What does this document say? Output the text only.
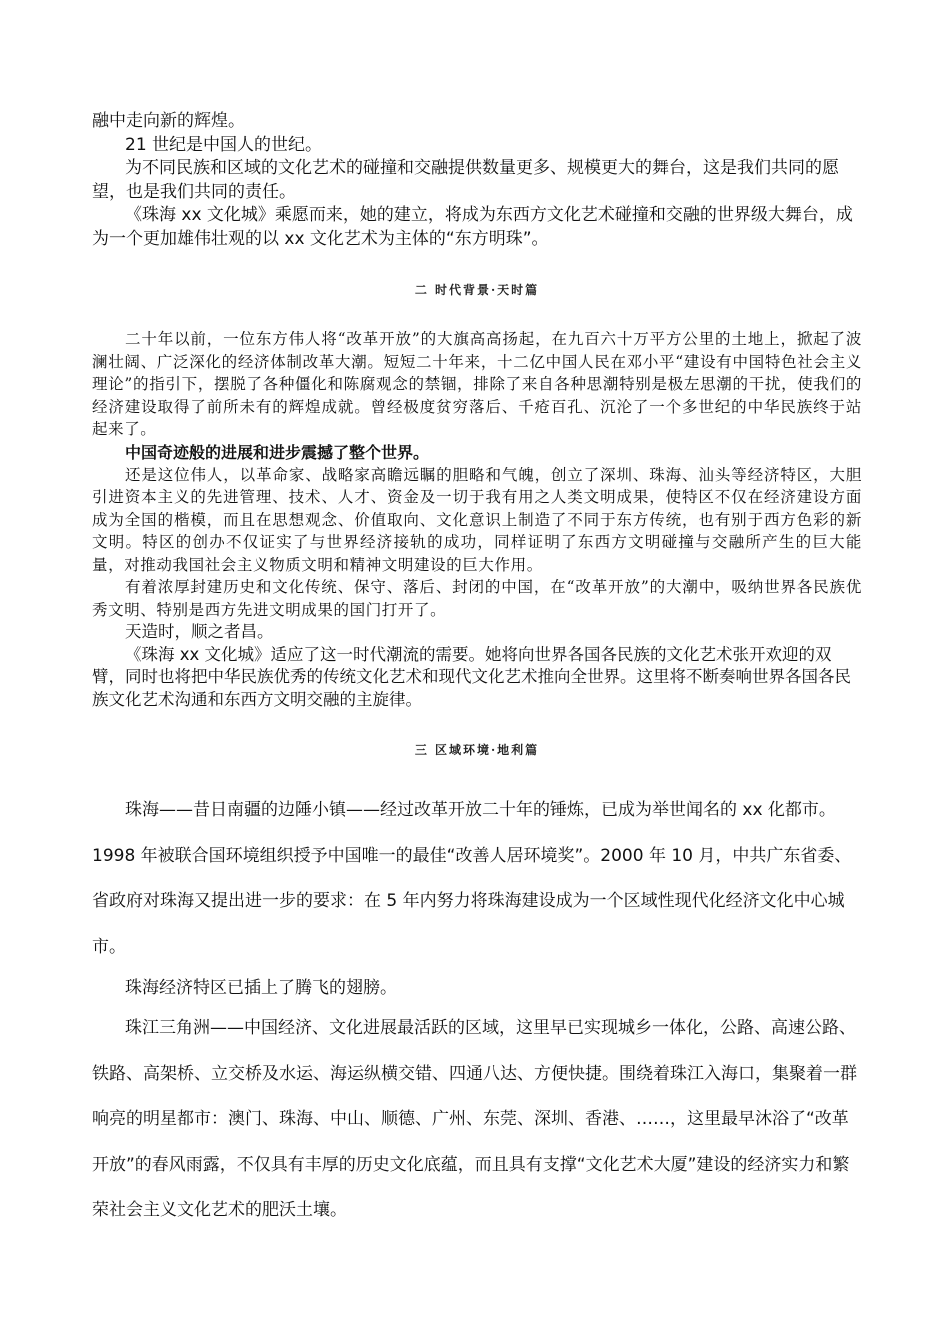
融中走向新的辉煌。

21 世纪是中国人的世纪。

为不同民族和区域的文化艺术的碰撞和交融提供数量更多、规模更大的舞台，这是我们共同的愿望，也是我们共同的责任。

《珠海 xx 文化城》乘愿而来，她的建立，将成为东西方文化艺术碰撞和交融的世界级大舞台，成为一个更加雄伟壮观的以 xx 文化艺术为主体的“东方明珠”。

二 时代背景·天时篇

二十年以前，一位东方伟人将“改革开放”的大旗高高扬起，在九百六十万平方公里的土地上，掀起了波澜壮阔、广泛深化的经济体制改革大潮。短短二十年来，十二亿中国人民在邓小平“建设有中国特色社会主义理论”的指引下，摆脱了各种僵化和陈腐观念的禁锢，排除了来自各种思潮特别是极左思潮的干扰，使我们的经济建设取得了前所未有的辉煌成就。曾经极度贫穷落后、千疮百孔、沉沦了一个多世纪的中华民族终于站起来了。

中国奇迹般的进展和进步震撼了整个世界。

还是这位伟人，以革命家、战略家高瞻远瞩的胆略和气魄，创立了深圳、珠海、汕头等经济特区，大胆引进资本主义的先进管理、技术、人才、资金及一切于我有用之人类文明成果，使特区不仅在经济建设方面成为全国的楷模，而且在思想观念、价值取向、文化意识上制造了不同于东方传统，也有别于西方色彩的新文明。特区的创办不仅证实了与世界经济接轨的成功，同样证明了东西方文明碰撞与交融所产生的巨大能量，对推动我国社会主义物质文明和精神文明建设的巨大作用。

有着浓厚封建历史和文化传统、保守、落后、封闭的中国，在“改革开放”的大潮中，吸纳世界各民族优秀文明、特别是西方先进文明成果的国门打开了。

天造时，顺之者昌。

《珠海 xx 文化城》适应了这一时代潮流的需要。她将向世界各国各民族的文化艺术张开欢迎的双臂，同时也将把中华民族优秀的传统文化艺术和现代文化艺术推向全世界。这里将不断奏响世界各国各民族文化艺术沟通和东西方文明交融的主旋律。

三 区域环境·地利篇

珠海——昔日南疆的边陲小镇——经过改革开放二十年的锤炼，已成为举世闻名的 xx 化都市。1998 年被联合国环境组织授予中国唯一的最佳“改善人居环境奖”。2000 年 10 月，中共广东省委、省政府对珠海又提出进一步的要求：在 5 年内努力将珠海建设成为一个区域性现代化经济文化中心城市。

珠海经济特区已插上了腾飞的翅膀。

珠江三角洲——中国经济、文化进展最活跃的区域，这里早已实现城乡一体化，公路、高速公路、铁路、高架桥、立交桥及水运、海运纵横交错、四通八达、方便快捷。围绕着珠江入海口，集聚着一群响亮的明星都市：澳门、珠海、中山、顺德、广州、东莞、深圳、香港、……，这里最早沐浴了“改革开放”的春风雨露，不仅具有丰厚的历史文化底蕴，而且具有支撑“文化艺术大厦”建设的经济实力和繁荣社会主义文化艺术的肥沃土壤。
